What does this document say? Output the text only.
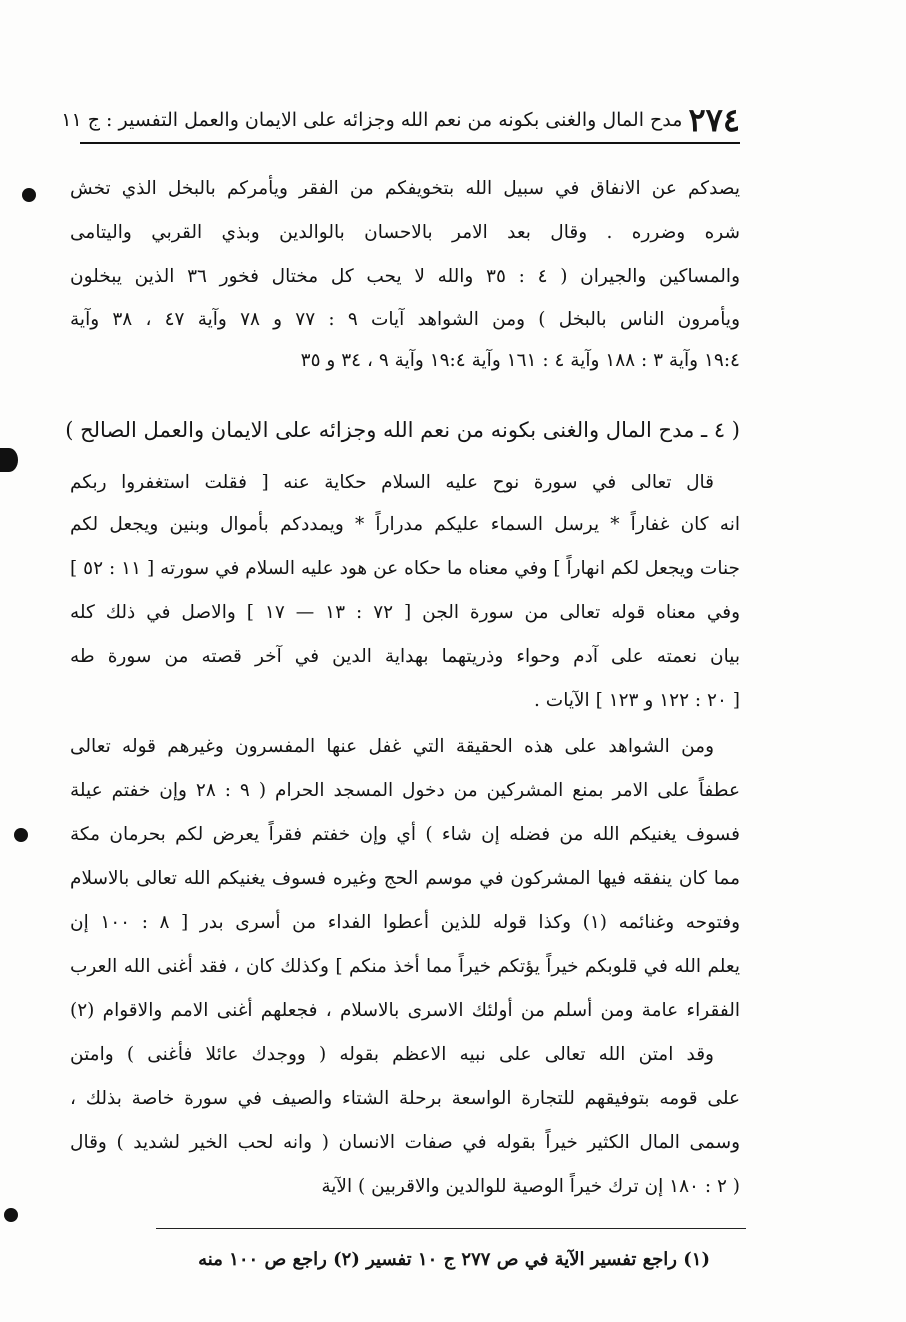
٢٧٤
مدح المال والغنى بكونه من نعم الله وجزائه على الايمان والعمل التفسير : ج ١١
يصدكم عن الانفاق في سبيل الله بتخويفكم من الفقر ويأمركم بالبخل الذي تخش
شره وضرره . وقال بعد الامر بالاحسان بالوالدين وبذي القربي واليتامى
والمساكين والجيران ( ٤ : ٣٥ والله لا يحب كل مختال فخور ٣٦ الذين يبخلون
ويأمرون الناس بالبخل ) ومن الشواهد آيات ٩ : ٧٧ و ٧٨ وآية ٤٧ ، ٣٨ وآية
١٩:٤ وآية ٣ : ١٨٨ وآية ٤ : ١٦١ وآية ١٩:٤ وآية ٩ ، ٣٤ و ٣٥
قال تعالى في سورة نوح عليه السلام حكاية عنه [ فقلت استغفروا ربكم
انه كان غفاراً * يرسل السماء عليكم مدراراً * ويمددكم بأموال وبنين ويجعل لكم
جنات ويجعل لكم انهاراً ] وفي معناه ما حكاه عن هود عليه السلام في سورته [ ١١ : ٥٢ ]
وفي معناه قوله تعالى من سورة الجن [ ٧٢ : ١٣ — ١٧ ] والاصل في ذلك كله
بيان نعمته على آدم وحواء وذريتهما بهداية الدين في آخر قصته من سورة طه
[ ٢٠ : ١٢٢ و ١٢٣ ] الآيات .
ومن الشواهد على هذه الحقيقة التي غفل عنها المفسرون وغيرهم قوله تعالى
عطفاً على الامر بمنع المشركين من دخول المسجد الحرام ( ٩ : ٢٨ وإن خفتم عيلة
فسوف يغنيكم الله من فضله إن شاء ) أي وإن خفتم فقراً يعرض لكم بحرمان مكة
مما كان ينفقه فيها المشركون في موسم الحج وغيره فسوف يغنيكم الله تعالى بالاسلام
وفتوحه وغنائمه (١) وكذا قوله للذين أعطوا الفداء من أسرى بدر [ ٨ : ١٠٠ إن
يعلم الله في قلوبكم خيراً يؤتكم خيراً مما أخذ منكم ] وكذلك كان ، فقد أغنى الله العرب
الفقراء عامة ومن أسلم من أولئك الاسرى بالاسلام ، فجعلهم أغنى الامم والاقوام (٢)
وقد امتن الله تعالى على نبيه الاعظم بقوله ( ووجدك عائلا فأغنى ) وامتن
على قومه بتوفيقهم للتجارة الواسعة برحلة الشتاء والصيف في سورة خاصة بذلك ،
وسمى المال الكثير خيراً بقوله في صفات الانسان ( وانه لحب الخير لشديد ) وقال
( ٢ : ١٨٠ إن ترك خيراً الوصية للوالدين والاقربين ) الآية
( ٤ ـ مدح المال والغنى بكونه من نعم الله وجزائه على الايمان والعمل الصالح )
(١) راجع تفسير الآية في ص ٢٧٧ ج ١٠ تفسير (٢) راجع ص ١٠٠ منه
